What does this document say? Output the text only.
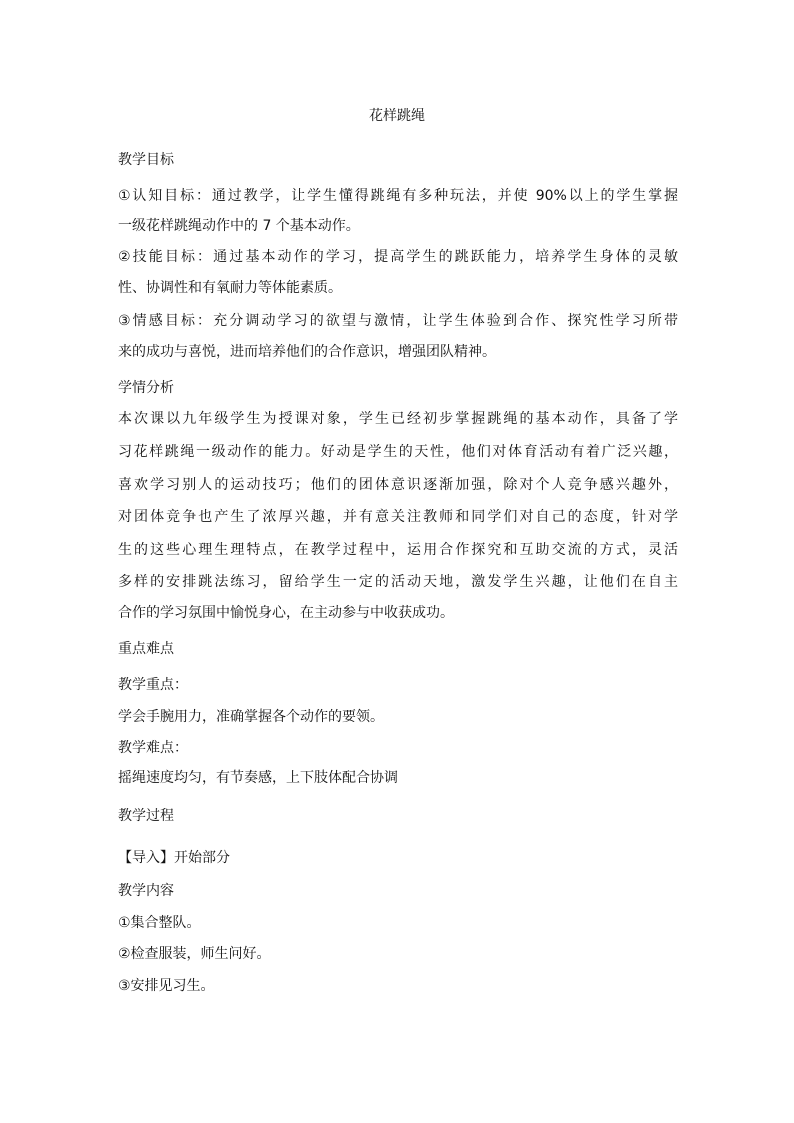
花样跳绳
教学目标
①认知目标：通过教学，让学生懂得跳绳有多种玩法，并使 90%以上的学生掌握
一级花样跳绳动作中的 7 个基本动作。
②技能目标：通过基本动作的学习，提高学生的跳跃能力，培养学生身体的灵敏
性、协调性和有氧耐力等体能素质。
③情感目标：充分调动学习的欲望与激情，让学生体验到合作、探究性学习所带
来的成功与喜悦，进而培养他们的合作意识，增强团队精神。
学情分析
本次课以九年级学生为授课对象，学生已经初步掌握跳绳的基本动作，具备了学
习花样跳绳一级动作的能力。好动是学生的天性，他们对体育活动有着广泛兴趣，
喜欢学习别人的运动技巧；他们的团体意识逐渐加强，除对个人竞争感兴趣外，
对团体竞争也产生了浓厚兴趣，并有意关注教师和同学们对自己的态度，针对学
生的这些心理生理特点，在教学过程中，运用合作探究和互助交流的方式，灵活
多样的安排跳法练习，留给学生一定的活动天地，激发学生兴趣，让他们在自主
合作的学习氛围中愉悦身心，在主动参与中收获成功。
重点难点
教学重点：
学会手腕用力，准确掌握各个动作的要领。
教学难点：
摇绳速度均匀，有节奏感，上下肢体配合协调
教学过程
【导入】开始部分
教学内容
①集合整队。
②检查服装，师生问好。
③安排见习生。
